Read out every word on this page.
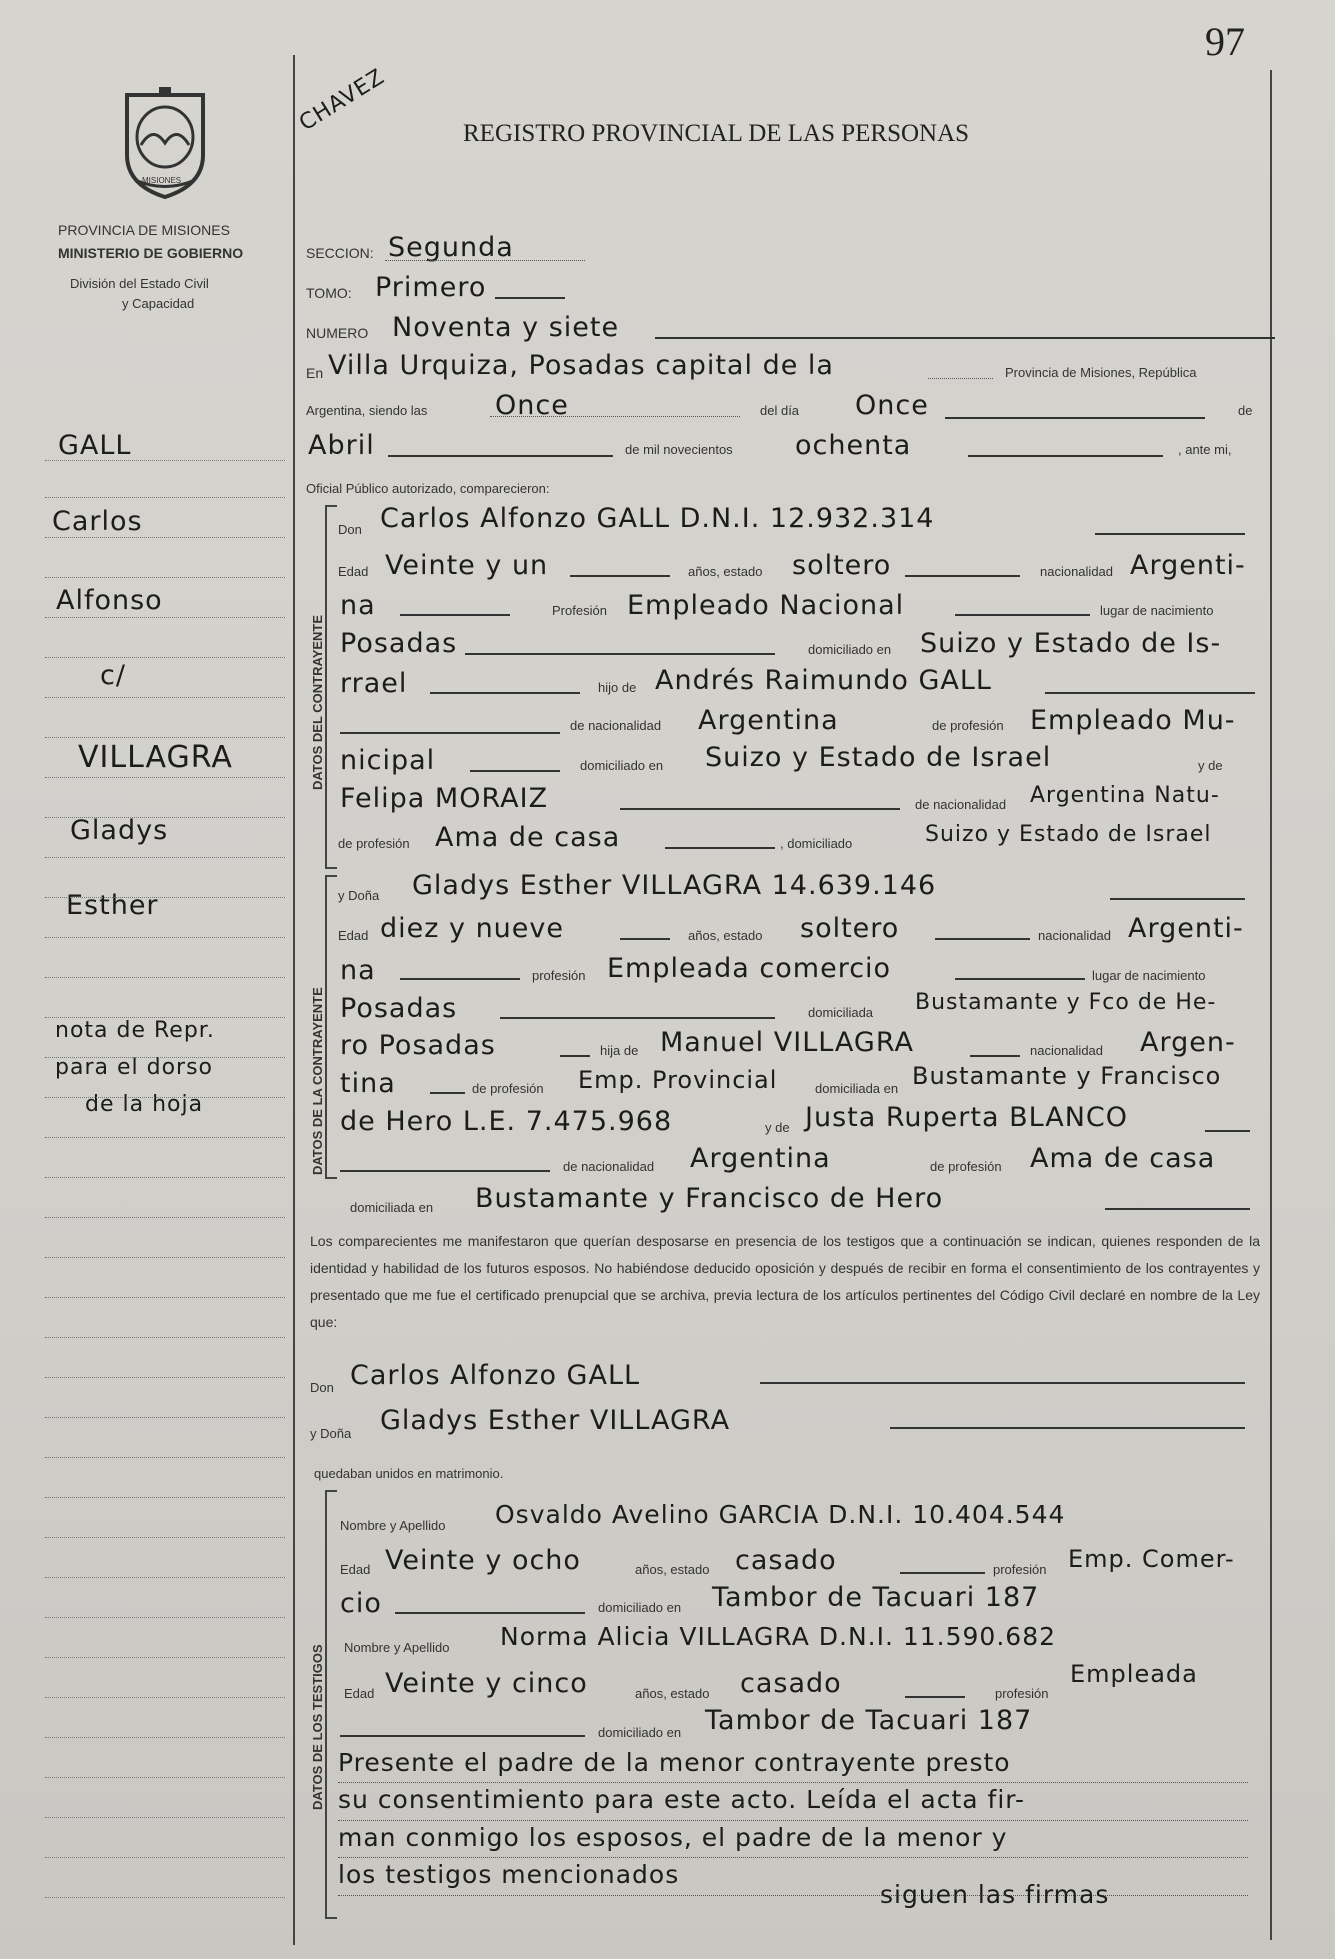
97
MISIONES
PROVINCIA DE MISIONES
MINISTERIO DE GOBIERNO
División del Estado Civil
y Capacidad
CHAVEZ	REGISTRO PROVINCIAL DE LAS PERSONAS
GALL
Carlos
Alfonso
c/
VILLAGRA
Gladys
Esther
nota de Repr.
para el dorso
de la hoja
SECCION: Segunda
TOMO: Primero
NUMERO Noventa y siete
En Villa Urquiza, Posadas capital de la	Provincia de Misiones, República
Argentina, siendo las	Once	del día Once	de
Abril	de mil novecientos ochenta	, ante mi,
Oficial Público autorizado, comparecieron:
DATOS DEL CONTRAYENTE
Don Carlos Alfonzo GALL D.N.I. 12.932.314
Edad Veinte y un	años, estado soltero	nacionalidad Argenti-
na	Profesión Empleado Nacional	lugar de nacimiento
Posadas	domiciliado en Suizo y Estado de Is-
rrael	hijo de Andrés Raimundo GALL
de nacionalidad Argentina	de profesión Empleado Mu-
nicipal	domiciliado en Suizo y Estado de Israel	y de
Felipa MORAIZ	de nacionalidad Argentina Natu-
de profesión Ama de casa	, domiciliado	Suizo y Estado de Israel
DATOS DE LA CONTRAYENTE
y Doña Gladys Esther VILLAGRA 14.639.146
Edad diez y nueve	años, estado soltero	nacionalidad Argenti-
na	profesión Empleada comercio	lugar de nacimiento
Posadas	domiciliada Bustamante y Fco de He-
ro Posadas	hija de Manuel VILLAGRA	nacionalidad Argen-
tina	de profesión Emp. Provincial	domiciliada en Bustamante y Francisco
de Hero L.E. 7.475.968	y de Justa Ruperta BLANCO
de nacionalidad Argentina	de profesión Ama de casa
domiciliada en Bustamante y Francisco de Hero
Los comparecientes me manifestaron que querían desposarse en presencia de los testigos que a continuación se indican, quienes responden de la identidad y habilidad de los futuros esposos. No habiéndose deducido oposición y después de recibir en forma el consentimiento de los contrayentes y presentado que me fue el certificado prenupcial que se archiva, previa lectura de los artículos pertinentes del Código Civil declaré en nombre de la Ley que:
Don Carlos Alfonzo GALL
y Doña Gladys Esther VILLAGRA
quedaban unidos en matrimonio.
DATOS DE LOS TESTIGOS
Nombre y Apellido Osvaldo Avelino GARCIA D.N.I. 10.404.544
Edad Veinte y ocho	años, estado casado	profesión Emp. Comer-
cio	domiciliado en Tambor de Tacuari 187
Nombre y Apellido Norma Alicia VILLAGRA D.N.I. 11.590.682
Edad Veinte y cinco	años, estado casado	profesión
Empleada
domiciliado en Tambor de Tacuari 187
Presente el padre de la menor contrayente presto
su consentimiento para este acto. Leída el acta fir-
man conmigo los esposos, el padre de la menor y
los testigos mencionados
siguen las firmas
